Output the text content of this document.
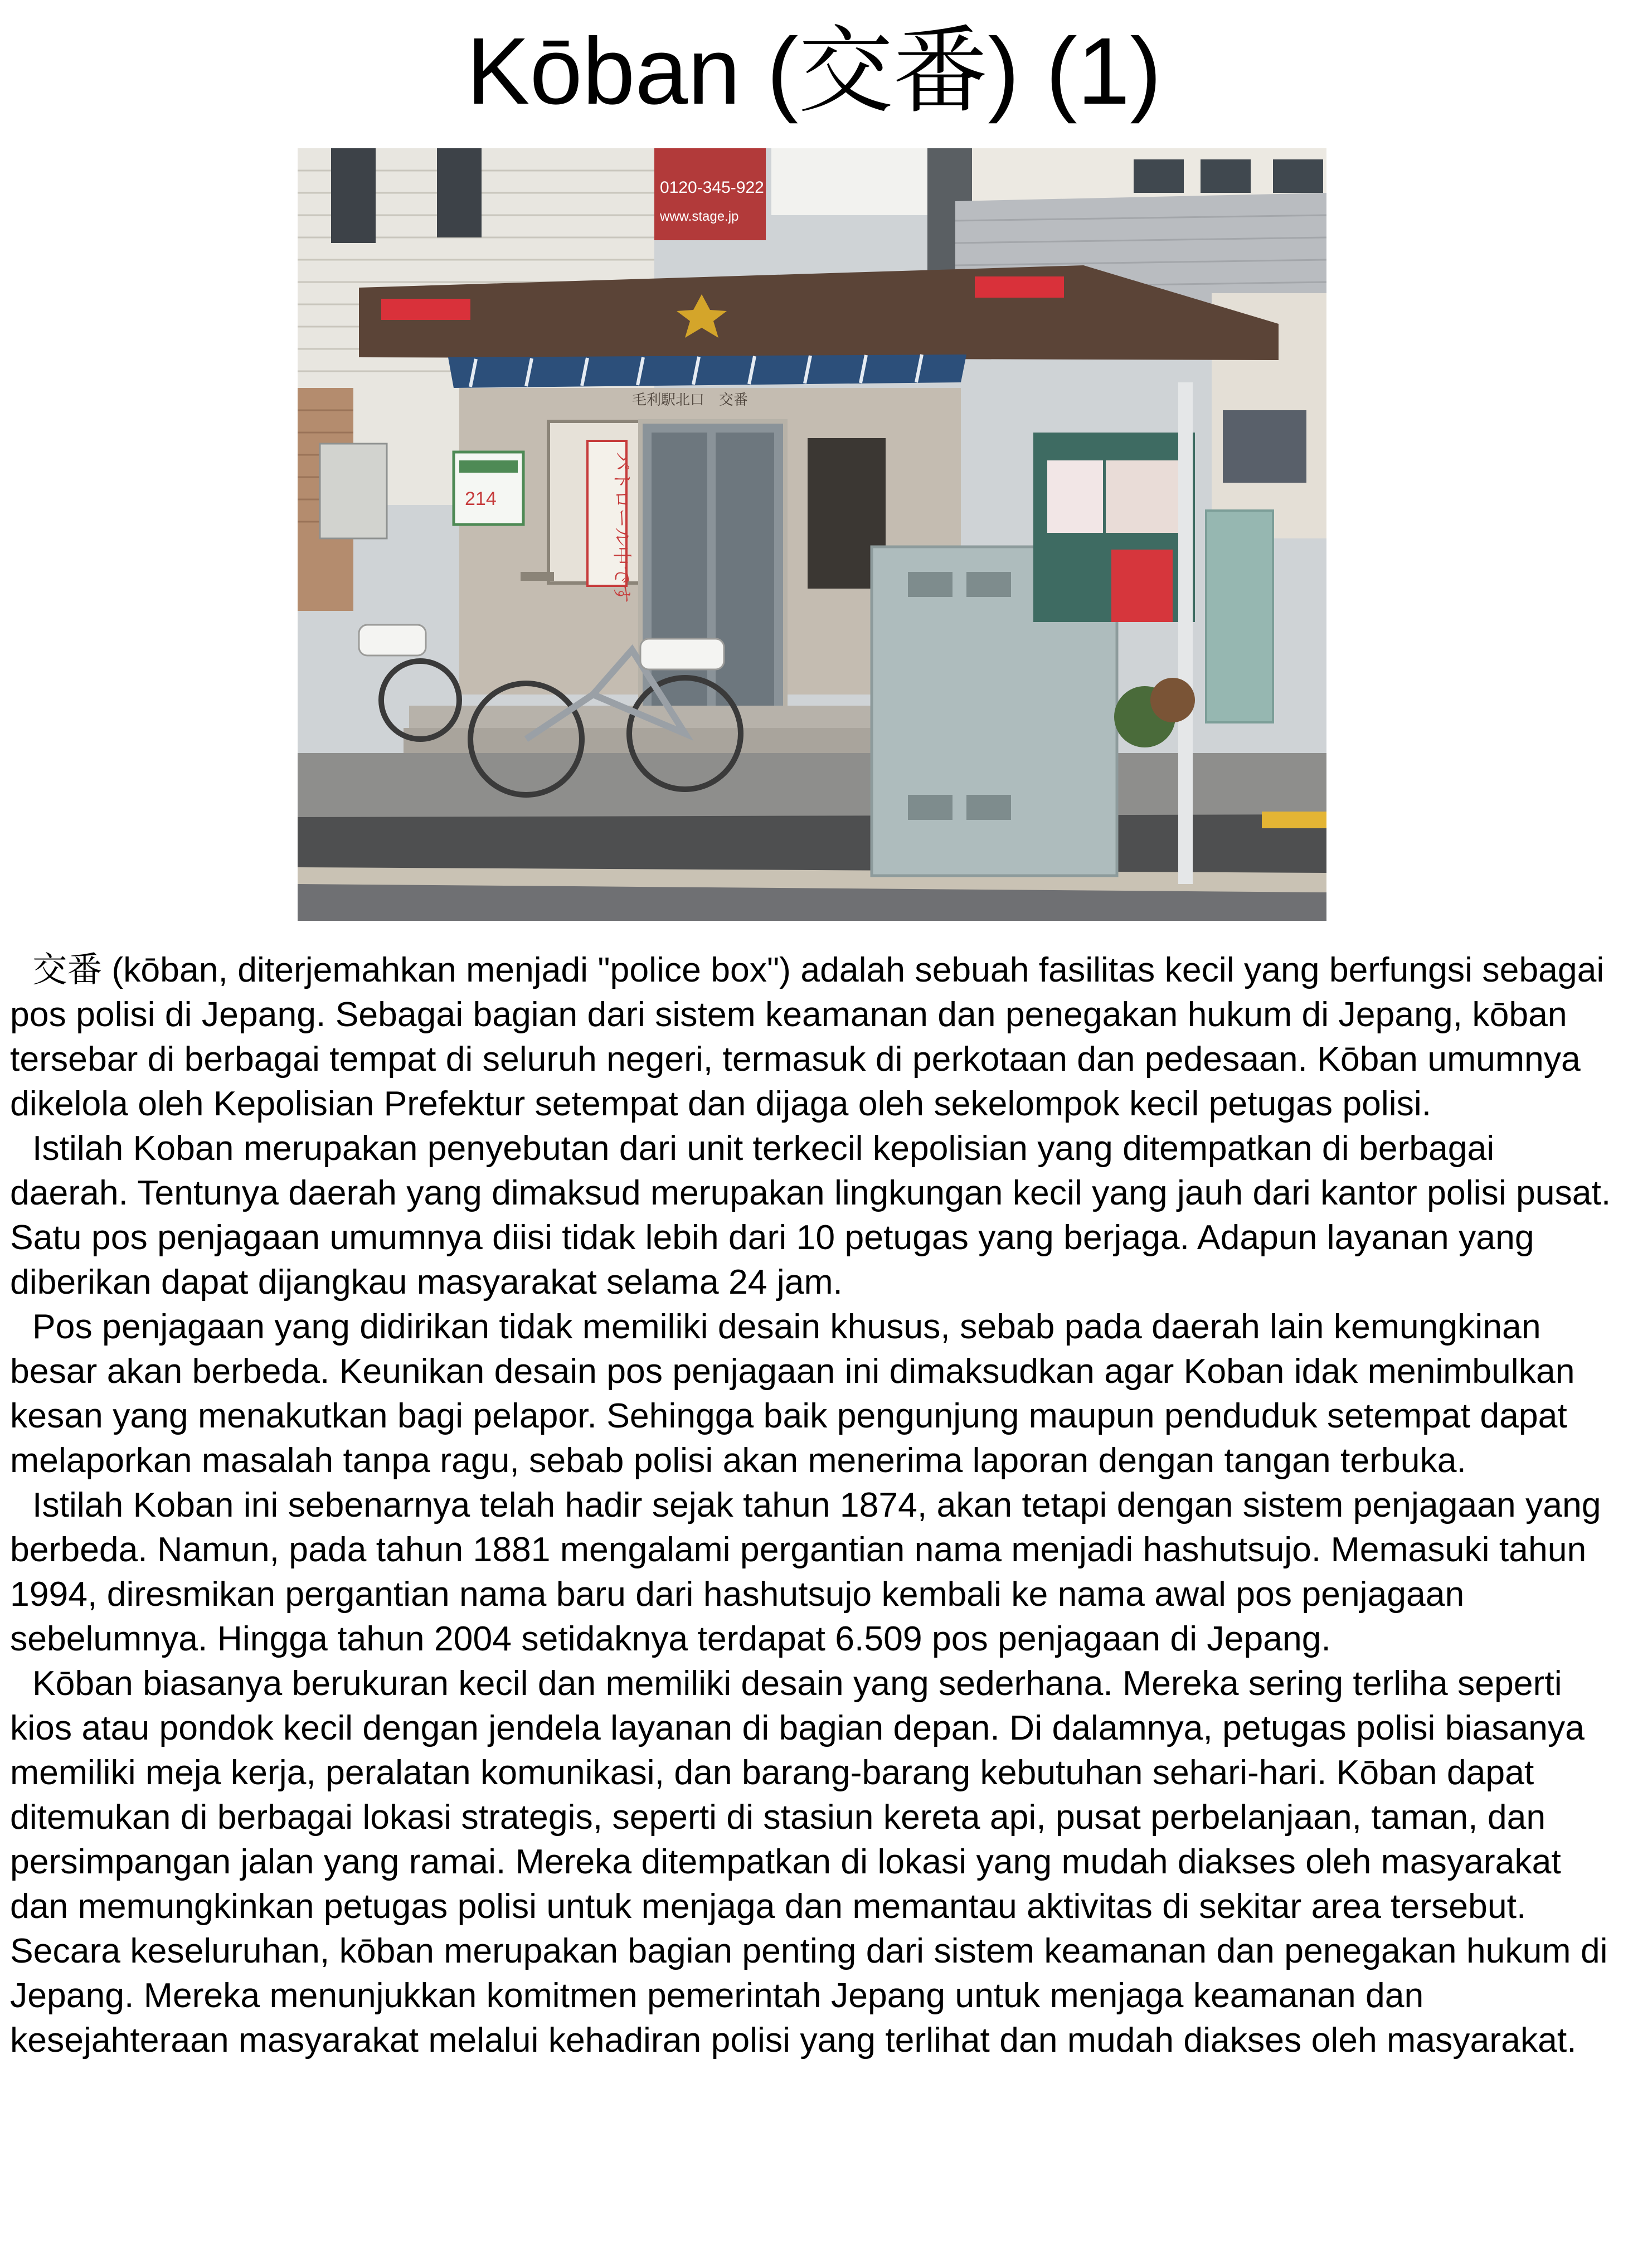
Kōban (交番) (1)
0120-345-922
www.stage.jp
毛利駅北口　交番
パトロール中です
214

交番 (kōban, diterjemahkan menjadi "police box") adalah sebuah fasilitas kecil yang berfungsi sebagai pos polisi di Jepang. Sebagai bagian dari sistem keamanan dan penegakan hukum di Jepang, kōban tersebar di berbagai tempat di seluruh negeri, termasuk di perkotaan dan pedesaan. Kōban umumnya dikelola oleh Kepolisian Prefektur setempat dan dijaga oleh sekelompok kecil petugas polisi.

Istilah Koban merupakan penyebutan dari unit terkecil kepolisian yang ditempatkan di berbagai daerah. Tentunya daerah yang dimaksud merupakan lingkungan kecil yang jauh dari kantor polisi pusat. Satu pos penjagaan umumnya diisi tidak lebih dari 10 petugas yang berjaga. Adapun layanan yang diberikan dapat dijangkau masyarakat selama 24 jam.

Pos penjagaan yang didirikan tidak memiliki desain khusus, sebab pada daerah lain kemungkinan besar akan berbeda. Keunikan desain pos penjagaan ini dimaksudkan agar Koban idak menimbulkan kesan yang menakutkan bagi pelapor. Sehingga baik pengunjung maupun penduduk setempat dapat melaporkan masalah tanpa ragu, sebab polisi akan menerima laporan dengan tangan terbuka.

Istilah Koban ini sebenarnya telah hadir sejak tahun 1874, akan tetapi dengan sistem penjagaan yang berbeda. Namun, pada tahun 1881 mengalami pergantian nama menjadi hashutsujo. Memasuki tahun 1994, diresmikan pergantian nama baru dari hashutsujo kembali ke nama awal pos penjagaan sebelumnya. Hingga tahun 2004 setidaknya terdapat 6.509 pos penjagaan di Jepang.

Kōban biasanya berukuran kecil dan memiliki desain yang sederhana. Mereka sering terliha seperti kios atau pondok kecil dengan jendela layanan di bagian depan. Di dalamnya, petugas polisi biasanya memiliki meja kerja, peralatan komunikasi, dan barang-barang kebutuhan sehari-hari. Kōban dapat ditemukan di berbagai lokasi strategis, seperti di stasiun kereta api, pusat perbelanjaan, taman, dan persimpangan jalan yang ramai. Mereka ditempatkan di lokasi yang mudah diakses oleh masyarakat dan memungkinkan petugas polisi untuk menjaga dan memantau aktivitas di sekitar area tersebut. Secara keseluruhan, kōban merupakan bagian penting dari sistem keamanan dan penegakan hukum di Jepang. Mereka menunjukkan komitmen pemerintah Jepang untuk menjaga keamanan dan kesejahteraan masyarakat melalui kehadiran polisi yang terlihat dan mudah diakses oleh masyarakat.
